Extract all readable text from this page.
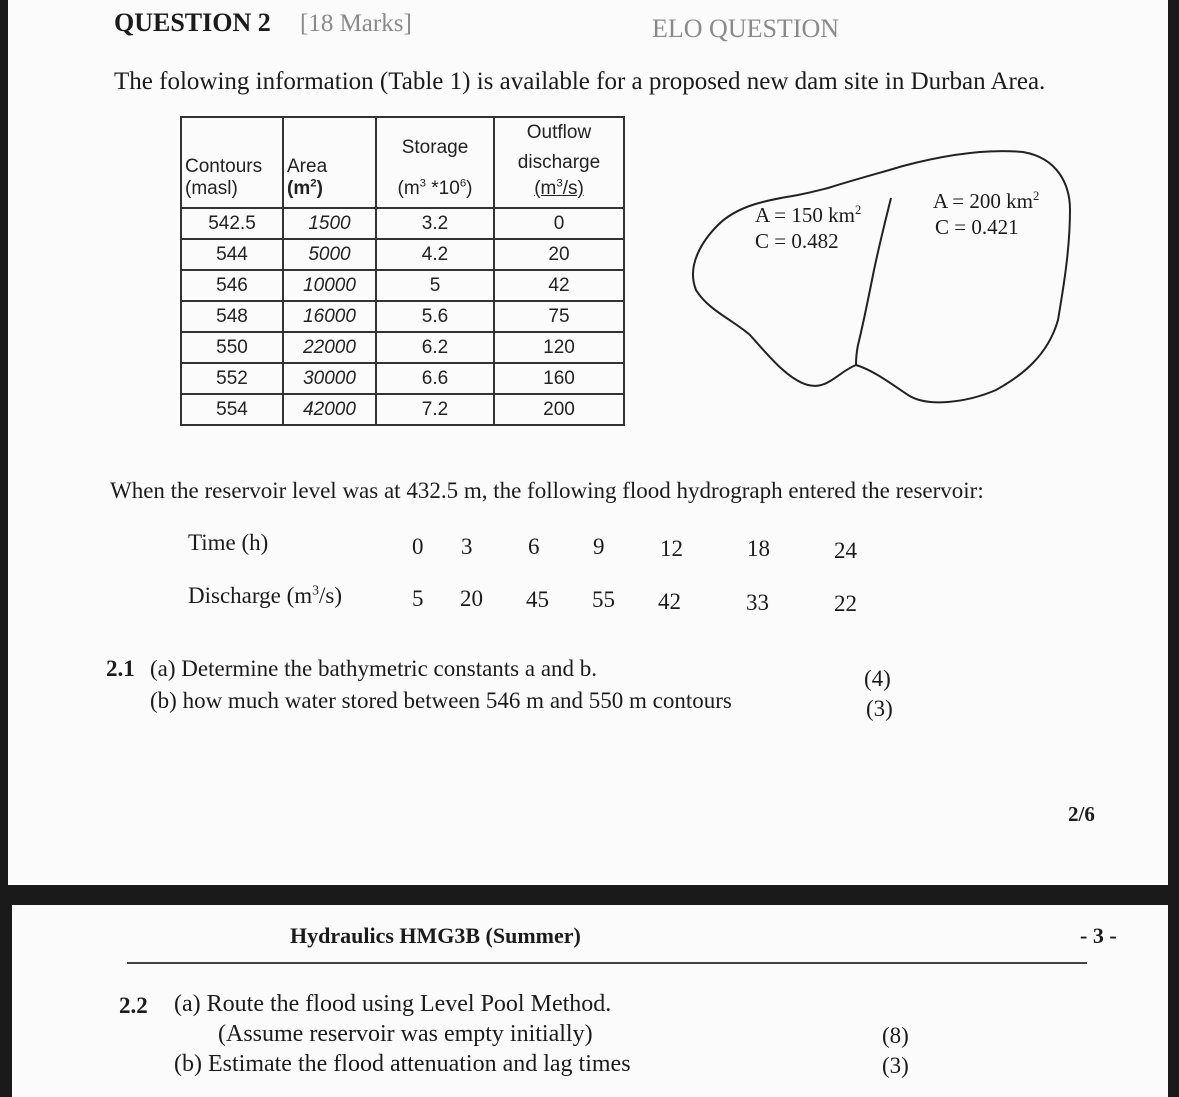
QUESTION 2 [18 Marks]	ELO QUESTION
The folowing information (Table 1) is available for a proposed new dam site in Durban Area.
Contours	Area	Storage	Outflow
discharge
(masl)	$(m^2)$	($m^3$ $*10^6$)	$(m^3/s)$
542.5	1500	3.2	0
544	5000	4.2	20
546	10000	5	42
548	16000	5.6	75
550	22000	6.2	120
552	30000	6.6	160
554	42000	7.2	200
A = 150 $km^2$
C = 0.482
A = 200 $km^2$
C = 0.421
When the reservoir level was at 432.5 m, the following flood hydrograph entered the reservoir:
Time (h)
Discharge $(m^3/s)$
0 3 6 9 12	18	24
5 20 45 55 42	33	22
2.1 (a) Determine the bathymetric constants a and b.
(b) how much water stored between 546 m and 550 m contours
(4)
(3)
2/6
Hydraulics HMG3B (Summer)	- 3 -
2.2 (a) Route the flood using Level Pool Method.
(Assume reservoir was empty initially)
(b) Estimate the flood attenuation and lag times
(8)
(3)
